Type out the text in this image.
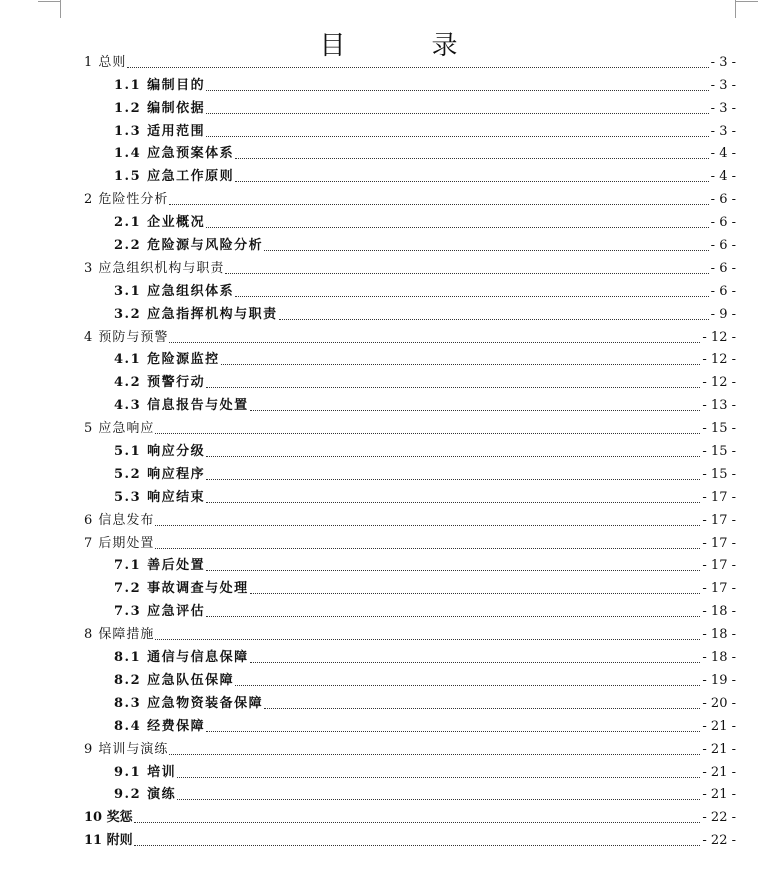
目　　　录
1 总则	- 3 -
1.1 编制目的	- 3 -
1.2 编制依据	- 3 -
1.3 适用范围	- 3 -
1.4 应急预案体系	- 4 -
1.5 应急工作原则	- 4 -
2 危险性分析	- 6 -
2.1 企业概况	- 6 -
2.2 危险源与风险分析	- 6 -
3 应急组织机构与职责	- 6 -
3.1 应急组织体系	- 6 -
3.2 应急指挥机构与职责	- 9 -
4 预防与预警	- 12 -
4.1 危险源监控	- 12 -
4.2 预警行动	- 12 -
4.3 信息报告与处置	- 13 -
5 应急响应	- 15 -
5.1 响应分级	- 15 -
5.2 响应程序	- 15 -
5.3 响应结束	- 17 -
6 信息发布	- 17 -
7 后期处置	- 17 -
7.1 善后处置	- 17 -
7.2 事故调查与处理	- 17 -
7.3 应急评估	- 18 -
8 保障措施	- 18 -
8.1 通信与信息保障	- 18 -
8.2 应急队伍保障	- 19 -
8.3 应急物资装备保障	- 20 -
8.4 经费保障	- 21 -
9 培训与演练	- 21 -
9.1 培训	- 21 -
9.2 演练	- 21 -
10 奖惩	- 22 -
11 附则	- 22 -
